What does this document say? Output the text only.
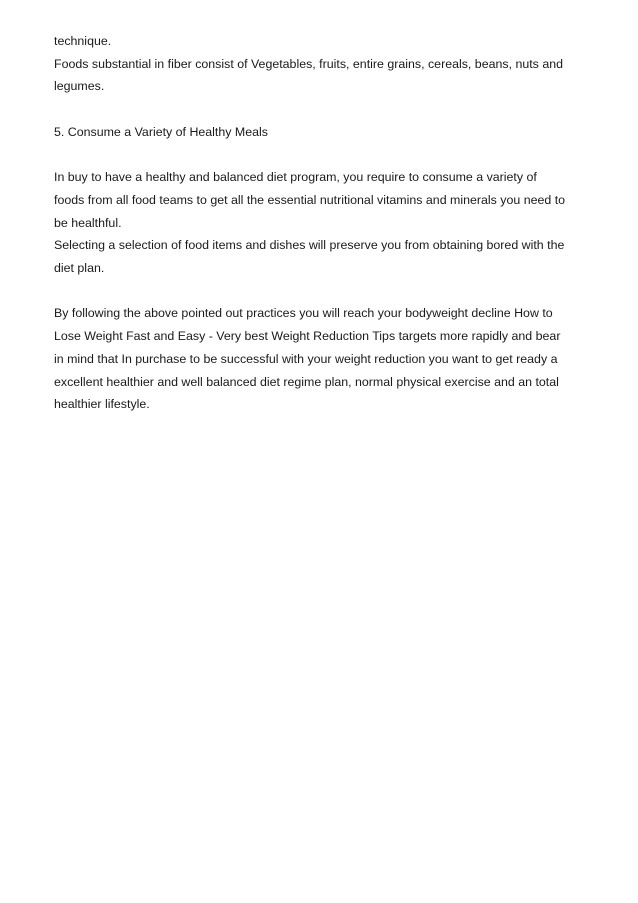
technique.

Foods substantial in fiber consist of Vegetables, fruits, entire grains, cereals, beans, nuts and
legumes.

5. Consume a Variety of Healthy Meals

In buy to have a healthy and balanced diet program, you require to consume a variety of
foods from all food teams to get all the essential nutritional vitamins and minerals you need to
be healthful.

Selecting a selection of food items and dishes will preserve you from obtaining bored with the
diet plan.

By following the above pointed out practices you will reach your bodyweight decline How to
Lose Weight Fast and Easy - Very best Weight Reduction Tips targets more rapidly and bear
in mind that In purchase to be successful with your weight reduction you want to get ready a
excellent healthier and well balanced diet regime plan, normal physical exercise and an total
healthier lifestyle.
